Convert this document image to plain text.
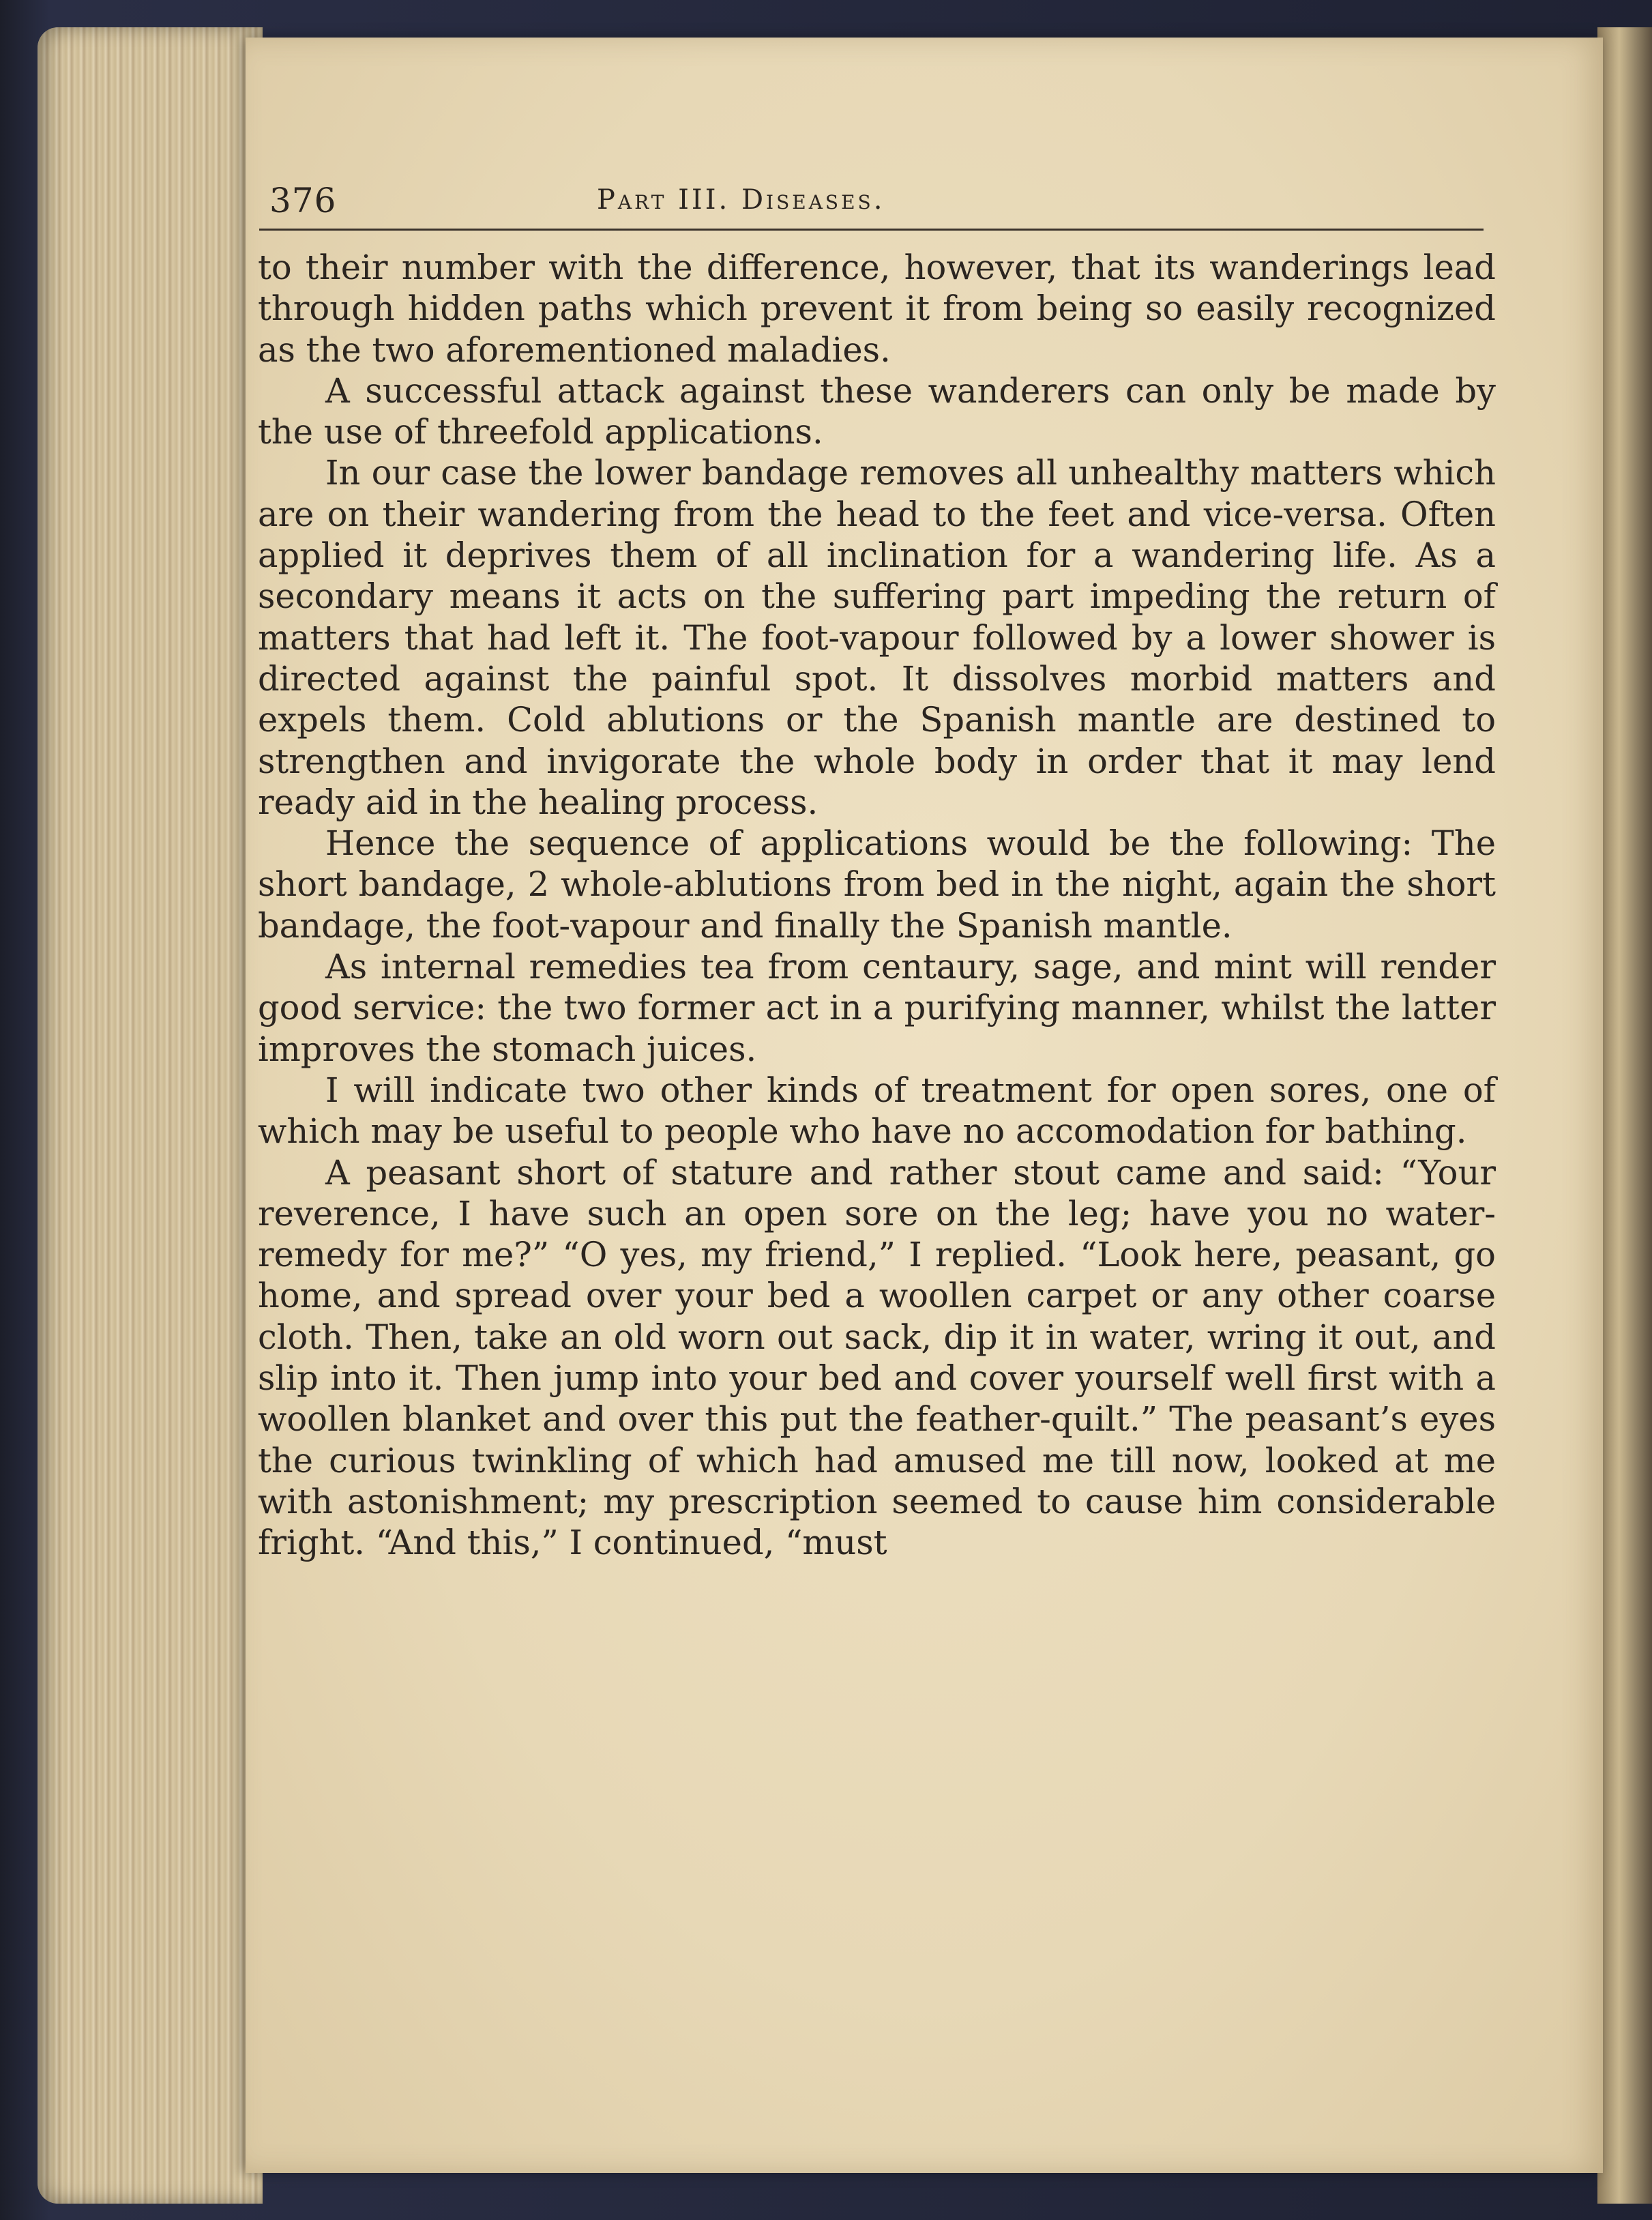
376	Part III. Diseases.

to their number with the difference, however, that its wanderings lead through hidden paths which prevent it from being so easily recognized as the two aforementioned maladies.

A successful attack against these wanderers can only be made by the use of threefold applications.

In our case the lower bandage removes all unhealthy matters which are on their wandering from the head to the feet and vice-versa. Often applied it deprives them of all inclination for a wandering life. As a secondary means it acts on the suffering part impeding the return of matters that had left it. The foot-vapour followed by a lower shower is directed against the painful spot. It dissolves morbid matters and expels them. Cold ablutions or the Spanish mantle are destined to strengthen and invigorate the whole body in order that it may lend ready aid in the healing process.

Hence the sequence of applications would be the following: The short bandage, 2 whole-ablutions from bed in the night, again the short bandage, the foot-vapour and finally the Spanish mantle.

As internal remedies tea from centaury, sage, and mint will render good service: the two former act in a purifying manner, whilst the latter improves the stomach juices.

I will indicate two other kinds of treatment for open sores, one of which may be useful to people who have no accomodation for bathing.

A peasant short of stature and rather stout came and said: “Your reverence, I have such an open sore on the leg; have you no water-remedy for me?” “O yes, my friend,” I replied. “Look here, peasant, go home, and spread over your bed a woollen carpet or any other coarse cloth. Then, take an old worn out sack, dip it in water, wring it out, and slip into it. Then jump into your bed and cover yourself well first with a woollen blanket and over this put the feather-quilt.” The peasant’s eyes the curious twinkling of which had amused me till now, looked at me with astonishment; my prescription seemed to cause him considerable fright. “And this,” I continued, “must
